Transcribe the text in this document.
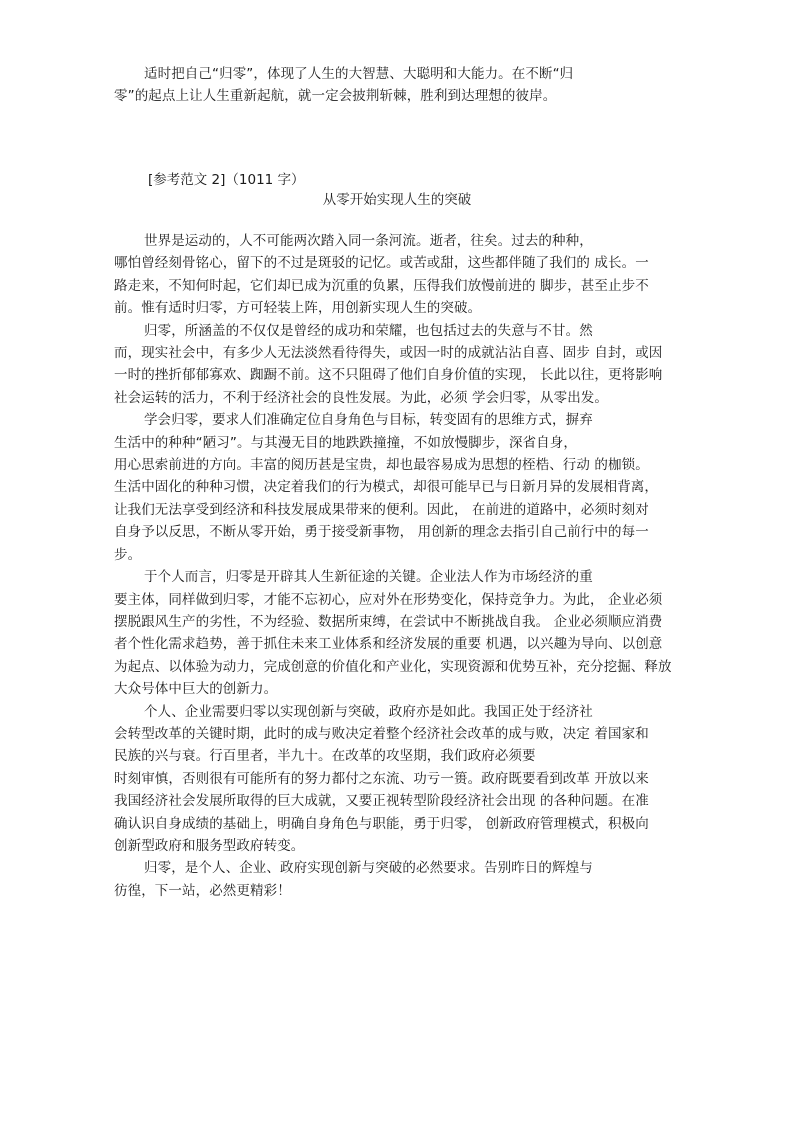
适时把自己“归零”，体现了人生的大智慧、大聪明和大能力。在不断“归
零”的起点上让人生重新起航，就一定会披荆斩棘，胜利到达理想的彼岸。

[参考范文 2]（1011 字）
从零开始实现人生的突破

世界是运动的，人不可能两次踏入同一条河流。逝者，往矣。过去的种种，
哪怕曾经刻骨铭心，留下的不过是斑驳的记忆。或苦或甜，这些都伴随了我们的 成长。一
路走来，不知何时起，它们却已成为沉重的负累，压得我们放慢前进的 脚步，甚至止步不
前。惟有适时归零，方可轻装上阵，用创新实现人生的突破。

归零，所涵盖的不仅仅是曾经的成功和荣耀，也包括过去的失意与不甘。然
而，现实社会中，有多少人无法淡然看待得失，或因一时的成就沾沾自喜、固步 自封，或因
一时的挫折郁郁寡欢、踟蹰不前。这不只阻碍了他们自身价值的实现， 长此以往，更将影响
社会运转的活力，不利于经济社会的良性发展。为此，必须 学会归零，从零出发。

学会归零，要求人们准确定位自身角色与目标，转变固有的思维方式，摒弃
生活中的种种“陋习”。与其漫无目的地跌跌撞撞，不如放慢脚步，深省自身，
用心思索前进的方向。丰富的阅历甚是宝贵，却也最容易成为思想的桎梏、行动 的枷锁。
生活中固化的种种习惯，决定着我们的行为模式，却很可能早已与日新月异的发展相背离，
让我们无法享受到经济和科技发展成果带来的便利。因此， 在前进的道路中，必须时刻对
自身予以反思，不断从零开始，勇于接受新事物， 用创新的理念去指引自己前行中的每一
步。

于个人而言，归零是开辟其人生新征途的关键。企业法人作为市场经济的重
要主体，同样做到归零，才能不忘初心，应对外在形势变化，保持竞争力。为此， 企业必须
摆脱跟风生产的劣性，不为经验、数据所束缚，在尝试中不断挑战自我。 企业必须顺应消费
者个性化需求趋势，善于抓住未来工业体系和经济发展的重要 机遇，以兴趣为导向、以创意
为起点、以体验为动力，完成创意的价值化和产业化，实现资源和优势互补，充分挖掘、释放
大众号体中巨大的创新力。

个人、企业需要归零以实现创新与突破，政府亦是如此。我国正处于经济社
会转型改革的关键时期，此时的成与败决定着整个经济社会改革的成与败，决定 着国家和
民族的兴与衰。行百里者，半九十。在改革的攻坚期，我们政府必须要
时刻审慎，否则很有可能所有的努力都付之东流、功亏一篑。政府既要看到改革 开放以来
我国经济社会发展所取得的巨大成就，又要正视转型阶段经济社会出现 的各种问题。在准
确认识自身成绩的基础上，明确自身角色与职能，勇于归零， 创新政府管理模式，积极向
创新型政府和服务型政府转变。

归零，是个人、企业、政府实现创新与突破的必然要求。告别昨日的辉煌与
彷徨，下一站，必然更精彩！
